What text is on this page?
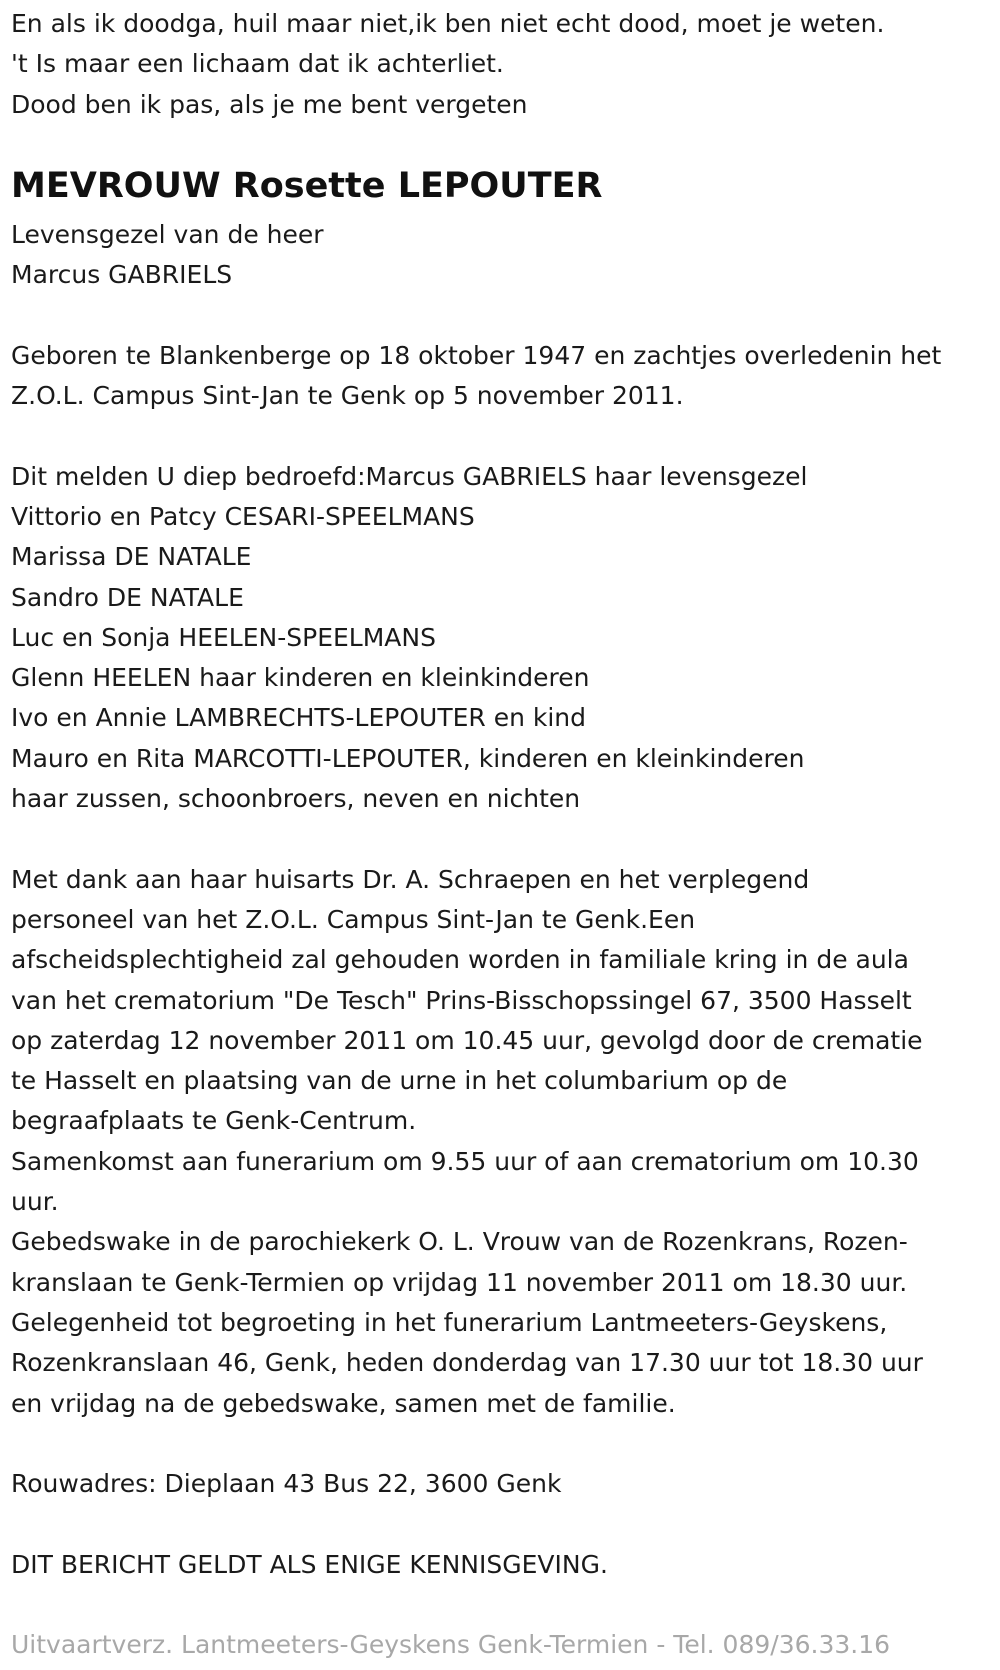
En als ik doodga, huil maar niet,ik ben niet echt dood, moet je weten.

't Is maar een lichaam dat ik achterliet.

Dood ben ik pas, als je me bent vergeten

MEVROUW Rosette LEPOUTER

Levensgezel van de heer

Marcus GABRIELS

Geboren te Blankenberge op 18 oktober 1947 en zachtjes overledenin het

Z.O.L. Campus Sint-Jan te Genk op 5 november 2011.

Dit melden U diep bedroefd:Marcus GABRIELS haar levensgezel

Vittorio en Patcy CESARI-SPEELMANS

Marissa DE NATALE

Sandro DE NATALE

Luc en Sonja HEELEN-SPEELMANS

Glenn HEELEN haar kinderen en kleinkinderen

Ivo en Annie LAMBRECHTS-LEPOUTER en kind

Mauro en Rita MARCOTTI-LEPOUTER, kinderen en kleinkinderen

haar zussen, schoonbroers, neven en nichten

Met dank aan haar huisarts Dr. A. Schraepen en het verplegend

personeel van het Z.O.L. Campus Sint-Jan te Genk.Een

afscheidsplechtigheid zal gehouden worden in familiale kring in de aula

van het crematorium "De Tesch" Prins-Bisschopssingel 67, 3500 Hasselt

op zaterdag 12 november 2011 om 10.45 uur, gevolgd door de crematie

te Hasselt en plaatsing van de urne in het columbarium op de

begraafplaats te Genk-Centrum.

Samenkomst aan funerarium om 9.55 uur of aan crematorium om 10.30

uur.

Gebedswake in de parochiekerk O. L. Vrouw van de Rozenkrans, Rozen-

kranslaan te Genk-Termien op vrijdag 11 november 2011 om 18.30 uur.

Gelegenheid tot begroeting in het funerarium Lantmeeters-Geyskens,

Rozenkranslaan 46, Genk, heden donderdag van 17.30 uur tot 18.30 uur

en vrijdag na de gebedswake, samen met de familie.

Rouwadres: Dieplaan 43 Bus 22, 3600 Genk

DIT BERICHT GELDT ALS ENIGE KENNISGEVING.

Uitvaartverz. Lantmeeters-Geyskens Genk-Termien - Tel. 089/36.33.16
